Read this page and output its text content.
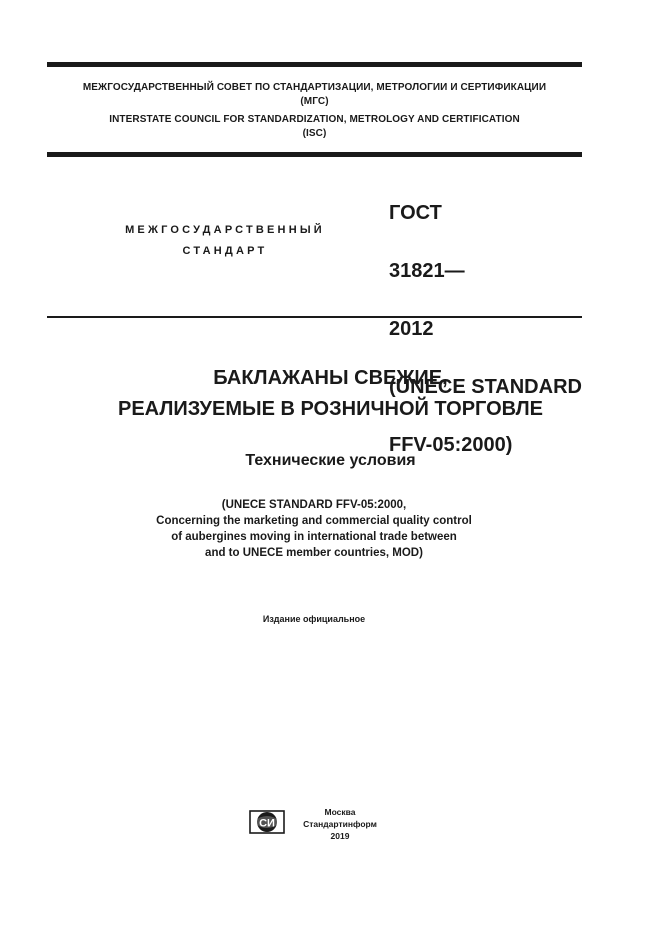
МЕЖГОСУДАРСТВЕННЫЙ СОВЕТ ПО СТАНДАРТИЗАЦИИ, МЕТРОЛОГИИ И СЕРТИФИКАЦИИ
(МГС)
INTERSTATE COUNCIL FOR STANDARDIZATION, METROLOGY AND CERTIFICATION
(ISC)
МЕЖГОСУДАРСТВЕННЫЙ
СТАНДАРТ

ГОСТ

31821—

2012

(UNECE STANDARD

FFV-05:2000)

БАКЛАЖАНЫ СВЕЖИЕ,
РЕАЛИЗУЕМЫЕ В РОЗНИЧНОЙ ТОРГОВЛЕ
Технические условия
(UNECE STANDARD FFV-05:2000,
Concerning the marketing and commercial quality control
of aubergines moving in international trade between
and to UNECE member countries, MOD)
Издание официальное
СИ
Москва
Стандартинформ
2019
